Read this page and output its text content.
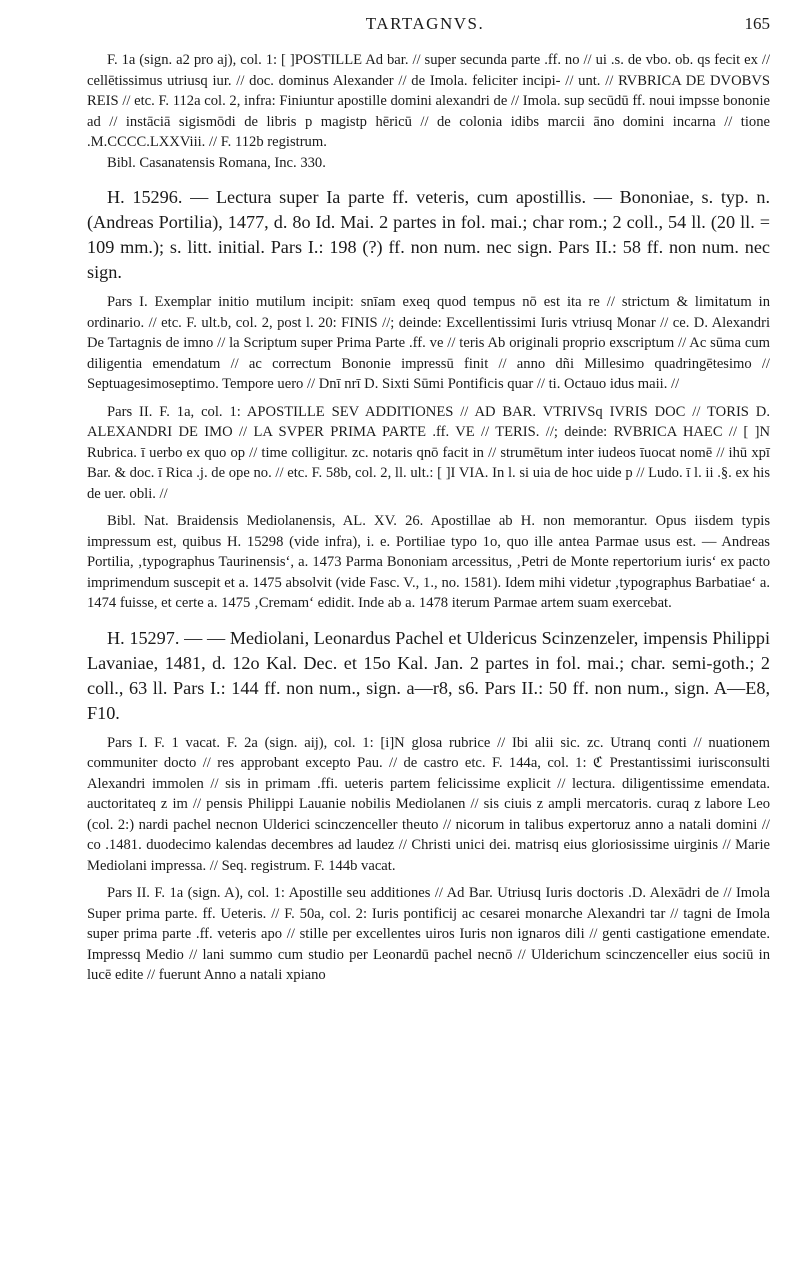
TARTAGNVS.	165

F. 1a (sign. a2 pro aj), col. 1: [ ]POSTILLE Ad bar. // super secunda parte .ff. no // ui .s. de vbo. ob. qs fecit ex // cellētissimus utriusq iur. // doc. dominus Alexander // de Imola. feliciter incipi- // unt. // RVBRICA DE DVOBVS REIS // etc. F. 112a col. 2, infra: Finiuntur apostille domini alexandri de // Imola. sup secūdū ff. noui impsse bononie ad // instāciā sigismōdi de libris p magistp hēricū // de colonia idibs marcii āno domini incarna // tione .M.CCCC.LXXViii. // F. 112b registrum.

Bibl. Casanatensis Romana, Inc. 330.

H. 15296. — Lectura super Ia parte ff. veteris, cum apostillis. — Bononiae, s. typ. n. (Andreas Portilia), 1477, d. 8o Id. Mai. 2 partes in fol. mai.; char rom.; 2 coll., 54 ll. (20 ll. = 109 mm.); s. litt. initial. Pars I.: 198 (?) ff. non num. nec sign. Pars II.: 58 ff. non num. nec sign.

Pars I. Exemplar initio mutilum incipit: snīam exeq quod tempus nō est ita re // strictum & limitatum in ordinario. // etc. F. ult.b, col. 2, post l. 20: FINIS //; deinde: Excellentissimi Iuris vtriusq Monar // ce. D. Alexandri De Tartagnis de imno // la Scriptum super Prima Parte .ff. ve // teris Ab originali proprio exscriptum // Ac sūma cum diligentia emendatum // ac correctum Bononie impressū finit // anno dñi Millesimo quadringētesimo // Septuagesimoseptimo. Tempore uero // Dnī nrī D. Sixti Sūmi Pontificis quar // ti. Octauo idus maii. //

Pars II. F. 1a, col. 1: APOSTILLE SEV ADDITIONES // AD BAR. VTRIVSq IVRIS DOC // TORIS D. ALEXANDRI DE IMO // LA SVPER PRIMA PARTE .ff. VE // TERIS. //; deinde: RVBRICA HAEC // [ ]N Rubrica. ī uerbo ex quo op // time colligitur. zc. notaris qnō facit in // strumētum inter iudeos īuocat nomē // ihū xpī Bar. & doc. ī Rica .j. de ope no. // etc. F. 58b, col. 2, ll. ult.: [ ]I VIA. In l. si uia de hoc uide p // Ludo. ī l. ii .§. ex his de uer. obli. //

Bibl. Nat. Braidensis Mediolanensis, AL. XV. 26. Apostillae ab H. non memorantur. Opus iisdem typis impressum est, quibus H. 15298 (vide infra), i. e. Portiliae typo 1o, quo ille antea Parmae usus est. — Andreas Portilia, ‚typographus Taurinensis‘, a. 1473 Parma Bononiam arcessitus, ‚Petri de Monte repertorium iuris‘ ex pacto imprimendum suscepit et a. 1475 absolvit (vide Fasc. V., 1., no. 1581). Idem mihi videtur ‚typographus Barbatiae‘ a. 1474 fuisse, et certe a. 1475 ‚Cremam‘ edidit. Inde ab a. 1478 iterum Parmae artem suam exercebat.

H. 15297. — — Mediolani, Leonardus Pachel et Uldericus Scinzenzeler, impensis Philippi Lavaniae, 1481, d. 12o Kal. Dec. et 15o Kal. Jan. 2 partes in fol. mai.; char. semi-goth.; 2 coll., 63 ll. Pars I.: 144 ff. non num., sign. a—r8, s6. Pars II.: 50 ff. non num., sign. A—E8, F10.

Pars I. F. 1 vacat. F. 2a (sign. aij), col. 1: [i]N glosa rubrice // Ibi alii sic. zc. Utranq conti // nuationem communiter docto // res approbant excepto Pau. // de castro etc. F. 144a, col. 1: ℭ Prestantissimi iurisconsulti Alexandri immolen // sis in primam .ffi. ueteris partem felicissime explicit // lectura. diligentissime emendata. auctoritateq z im // pensis Philippi Lauanie nobilis Mediolanen // sis ciuis z ampli mercatoris. curaq z labore Leo (col. 2:) nardi pachel necnon Ulderici scinczenceller theuto // nicorum in talibus expertoruz anno a natali domini // co .1481. duodecimo kalendas decembres ad laudez // Christi unici dei. matrisq eius gloriosissime uirginis // Marie Mediolani impressa. // Seq. registrum. F. 144b vacat.

Pars II. F. 1a (sign. A), col. 1: Apostille seu additiones // Ad Bar. Utriusq Iuris doctoris .D. Alexādri de // Imola Super prima parte. ff. Ueteris. // F. 50a, col. 2: Iuris pontificij ac cesarei monarche Alexandri tar // tagni de Imola super prima parte .ff. veteris apo // stille per excellentes uiros Iuris non ignaros dili // genti castigatione emendate. Impressq Medio // lani summo cum studio per Leonardū pachel necnō // Ulderichum scinczenceller eius sociū in lucē edite // fuerunt Anno a natali xpiano
